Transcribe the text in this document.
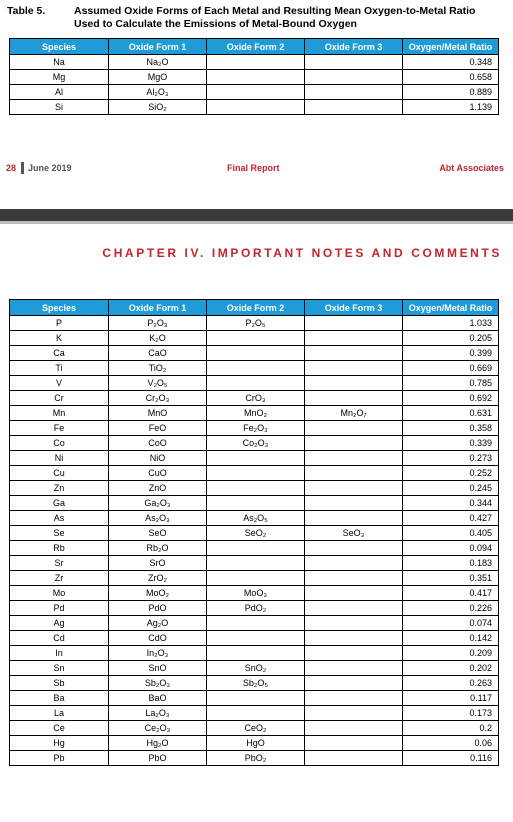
Table 5.	Assumed Oxide Forms of Each Metal and Resulting Mean Oxygen-to-Metal Ratio Used to Calculate the Emissions of Metal-Bound Oxygen
Species	Oxide Form 1	Oxide Form 2	Oxide Form 3	Oxygen/Metal Ratio
Na	Na₂O			0.348
Mg	MgO			0.658
Al	Al₂O₃			0.889
Si	SiO₂			1.139
28 June 2019	Final Report	Abt Associates
CHAPTER IV. IMPORTANT NOTES AND COMMENTS
Species	Oxide Form 1	Oxide Form 2	Oxide Form 3	Oxygen/Metal Ratio
P	P₂O₃	P₂O₅		1.033
K	K₂O			0.205
Ca	CaO			0.399
Ti	TiO₂			0.669
V	V₂O₅			0.785
Cr	Cr₂O₃	CrO₃		0.692
Mn	MnO	MnO₂	Mn₂O₇	0.631
Fe	FeO	Fe₂O₃		0.358
Co	CoO	Co₂O₃		0.339
Ni	NiO			0.273
Cu	CuO			0.252
Zn	ZnO			0.245
Ga	Ga₂O₃			0.344
As	As₂O₃	As₂O₅		0.427
Se	SeO	SeO₂	SeO₃	0.405
Rb	Rb₂O			0.094
Sr	SrO			0.183
Zr	ZrO₂			0.351
Mo	MoO₂	MoO₃		0.417
Pd	PdO	PdO₂		0.226
Ag	Ag₂O			0.074
Cd	CdO			0.142
In	In₂O₃			0.209
Sn	SnO	SnO₂		0.202
Sb	Sb₂O₃	Sb₂O₅		0.263
Ba	BaO			0.117
La	La₂O₃			0.173
Ce	Ce₂O₃	CeO₂		0.2
Hg	Hg₂O	HgO		0.06
Pb	PbO	PbO₂		0.116
